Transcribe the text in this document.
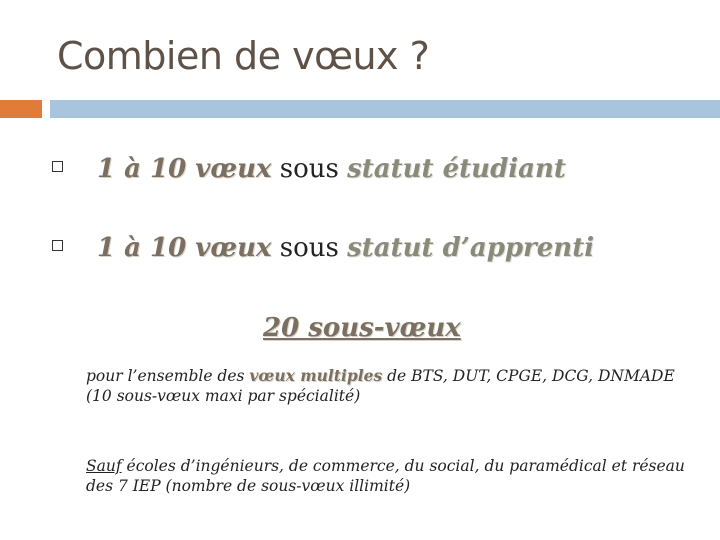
Combien de vœux ?
1 à 10 vœux sous statut étudiant
1 à 10 vœux sous statut d’apprenti
20 sous-vœux
pour l’ensemble des vœux multiples de BTS, DUT, CPGE, DCG, DNMADE (10 sous-vœux maxi par spécialité)
Sauf écoles d’ingénieurs, de commerce, du social, du paramédical et réseau des 7 IEP (nombre de sous-vœux illimité)
